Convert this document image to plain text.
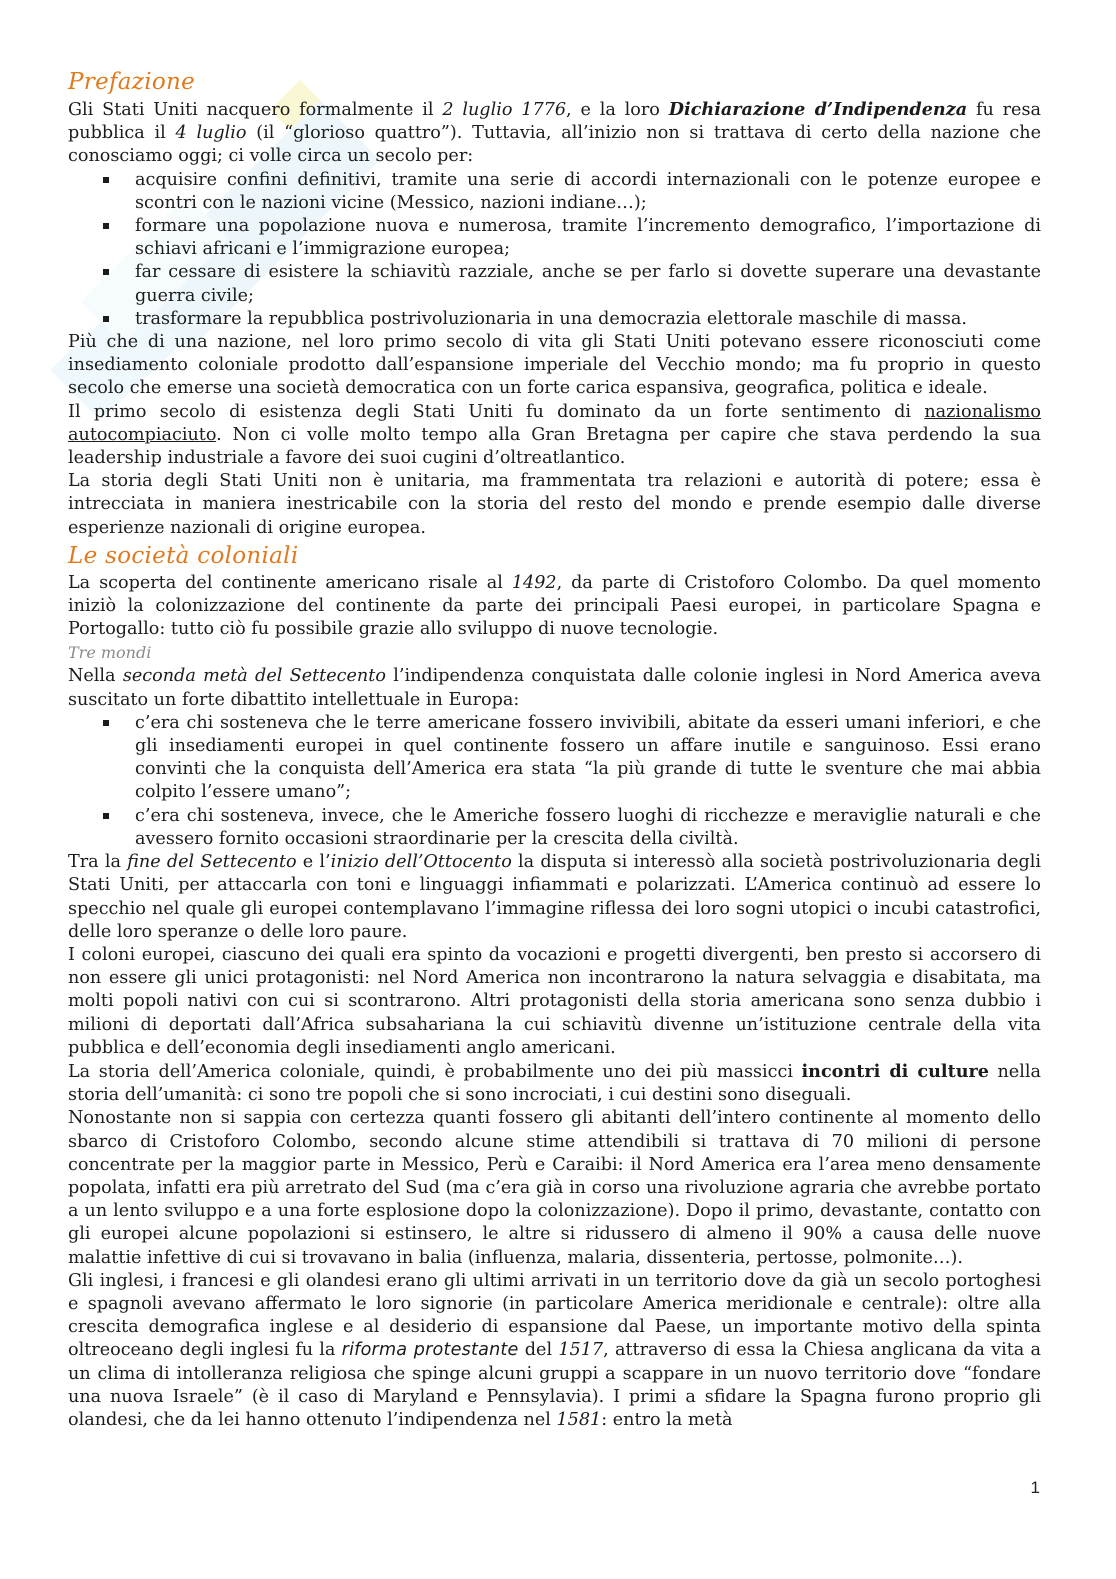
Prefazione

Gli Stati Uniti nacquero formalmente il 2 luglio 1776, e la loro Dichiarazione d’Indipendenza fu resa pubblica il 4 luglio (il “glorioso quattro”). Tuttavia, all’inizio non si trattava di certo della nazione che conosciamo oggi; ci volle circa un secolo per:

acquisire confini definitivi, tramite una serie di accordi internazionali con le potenze europee e scontri con le nazioni vicine (Messico, nazioni indiane…);
formare una popolazione nuova e numerosa, tramite l’incremento demografico, l’importazione di schiavi africani e l’immigrazione europea;
far cessare di esistere la schiavitù razziale, anche se per farlo si dovette superare una devastante guerra civile;
trasformare la repubblica postrivoluzionaria in una democrazia elettorale maschile di massa.

Più che di una nazione, nel loro primo secolo di vita gli Stati Uniti potevano essere riconosciuti come insediamento coloniale prodotto dall’espansione imperiale del Vecchio mondo; ma fu proprio in questo secolo che emerse una società democratica con un forte carica espansiva, geografica, politica e ideale.

Il primo secolo di esistenza degli Stati Uniti fu dominato da un forte sentimento di nazionalismo autocompiaciuto. Non ci volle molto tempo alla Gran Bretagna per capire che stava perdendo la sua leadership industriale a favore dei suoi cugini d’oltreatlantico.

La storia degli Stati Uniti non è unitaria, ma frammentata tra relazioni e autorità di potere; essa è intrecciata in maniera inestricabile con la storia del resto del mondo e prende esempio dalle diverse esperienze nazionali di origine europea.

Le società coloniali

La scoperta del continente americano risale al 1492, da parte di Cristoforo Colombo. Da quel momento iniziò la colonizzazione del continente da parte dei principali Paesi europei, in particolare Spagna e Portogallo: tutto ciò fu possibile grazie allo sviluppo di nuove tecnologie.

Tre mondi

Nella seconda metà del Settecento l’indipendenza conquistata dalle colonie inglesi in Nord America aveva suscitato un forte dibattito intellettuale in Europa:

c’era chi sosteneva che le terre americane fossero invivibili, abitate da esseri umani inferiori, e che gli insediamenti europei in quel continente fossero un affare inutile e sanguinoso. Essi erano convinti che la conquista dell’America era stata “la più grande di tutte le sventure che mai abbia colpito l’essere umano”;
c’era chi sosteneva, invece, che le Americhe fossero luoghi di ricchezze e meraviglie naturali e che avessero fornito occasioni straordinarie per la crescita della civiltà.

Tra la fine del Settecento e l’inizio dell’Ottocento la disputa si interessò alla società postrivoluzionaria degli Stati Uniti, per attaccarla con toni e linguaggi infiammati e polarizzati. L’America continuò ad essere lo specchio nel quale gli europei contemplavano l’immagine riflessa dei loro sogni utopici o incubi catastrofici, delle loro speranze o delle loro paure.

I coloni europei, ciascuno dei quali era spinto da vocazioni e progetti divergenti, ben presto si accorsero di non essere gli unici protagonisti: nel Nord America non incontrarono la natura selvaggia e disabitata, ma molti popoli nativi con cui si scontrarono. Altri protagonisti della storia americana sono senza dubbio i milioni di deportati dall’Africa subsahariana la cui schiavitù divenne un’istituzione centrale della vita pubblica e dell’economia degli insediamenti anglo americani.

La storia dell’America coloniale, quindi, è probabilmente uno dei più massicci incontri di culture nella storia dell’umanità: ci sono tre popoli che si sono incrociati, i cui destini sono diseguali.

Nonostante non si sappia con certezza quanti fossero gli abitanti dell’intero continente al momento dello sbarco di Cristoforo Colombo, secondo alcune stime attendibili si trattava di 70 milioni di persone concentrate per la maggior parte in Messico, Perù e Caraibi: il Nord America era l’area meno densamente popolata, infatti era più arretrato del Sud (ma c’era già in corso una rivoluzione agraria che avrebbe portato a un lento sviluppo e a una forte esplosione dopo la colonizzazione). Dopo il primo, devastante, contatto con gli europei alcune popolazioni si estinsero, le altre si ridussero di almeno il 90% a causa delle nuove malattie infettive di cui si trovavano in balia (influenza, malaria, dissenteria, pertosse, polmonite…).

Gli inglesi, i francesi e gli olandesi erano gli ultimi arrivati in un territorio dove da già un secolo portoghesi e spagnoli avevano affermato le loro signorie (in particolare America meridionale e centrale): oltre alla crescita demografica inglese e al desiderio di espansione dal Paese, un importante motivo della spinta oltreoceano degli inglesi fu la riforma protestante del 1517, attraverso di essa la Chiesa anglicana da vita a un clima di intolleranza religiosa che spinge alcuni gruppi a scappare in un nuovo territorio dove “fondare una nuova Israele” (è il caso di Maryland e Pennsylavia). I primi a sfidare la Spagna furono proprio gli olandesi, che da lei hanno ottenuto l’indipendenza nel 1581: entro la metà

1
